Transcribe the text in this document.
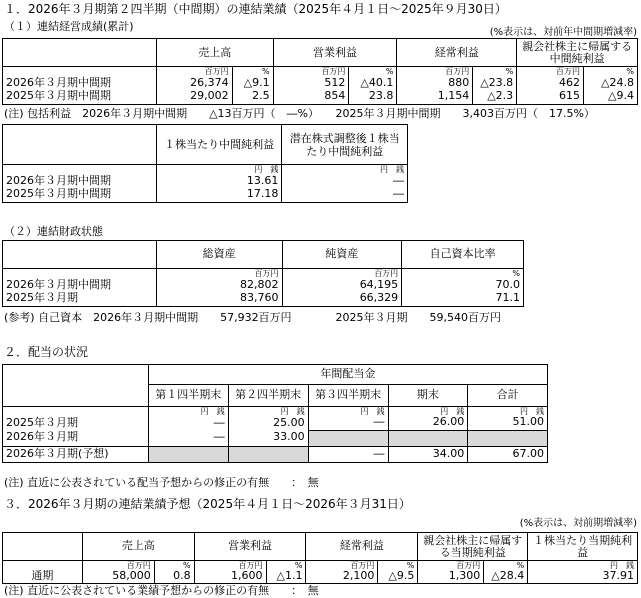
１．2026年３月期第２四半期（中間期）の連結業績（2025年４月１日～2025年９月30日）
（１）連結経営成績(累計)	(%表示は、対前年中間期増減率)
	売上高		営業利益		経常利益		親会社株主に帰属する中間純利益	
	百万円	%	百万円	%	百万円	%	百万円	%
2026年３月期中間期	26,374	△9.1	512	△40.1	880	△23.8	462	△24.8
2025年３月期中間期	29,002	2.5	854	23.8	1,154	△2.3	615	△9.4
(注) 包括利益　2026年３月期中間期　　△13百万円（　―%）　　2025年３月期中間期　　3,403百万円（　17.5%）
	１株当たり中間純利益	潜在株式調整後１株当たり中間純利益
	円　銭	円　銭
2026年３月期中間期	13.61	―
2025年３月期中間期	17.18	―
（２）連結財政状態
	総資産	純資産	自己資本比率
	百万円	百万円	%
2026年３月期中間期	82,802	64,195	70.0
2025年３月期	83,760	66,329	71.1
(参考) 自己資本　2026年３月期中間期　　57,932百万円　　　　2025年３月期　　59,540百万円
２．配当の状況
	年間配当金				
	第１四半期末	第２四半期末	第３四半期末	期末	合計
	円　銭	円　銭	円　銭	円　銭	円　銭
2025年３月期	―	25.00	―	26.00	51.00
2026年３月期	―	33.00			
2026年３月期(予想)			―	34.00	67.00
(注) 直近に公表されている配当予想からの修正の有無　　：　無
３．2026年３月期の連結業績予想（2025年４月１日～2026年３月31日）
(%表示は、対前期増減率)
	売上高		営業利益		経常利益		親会社株主に帰属する当期純利益		１株当たり当期純利益
	百万円	%	百万円	%	百万円	%	百万円	%	円　銭
通期	58,000	0.8	1,600	△1.1	2,100	△9.5	1,300	△28.4	37.91
(注) 直近に公表されている業績予想からの修正の有無　　：　無
